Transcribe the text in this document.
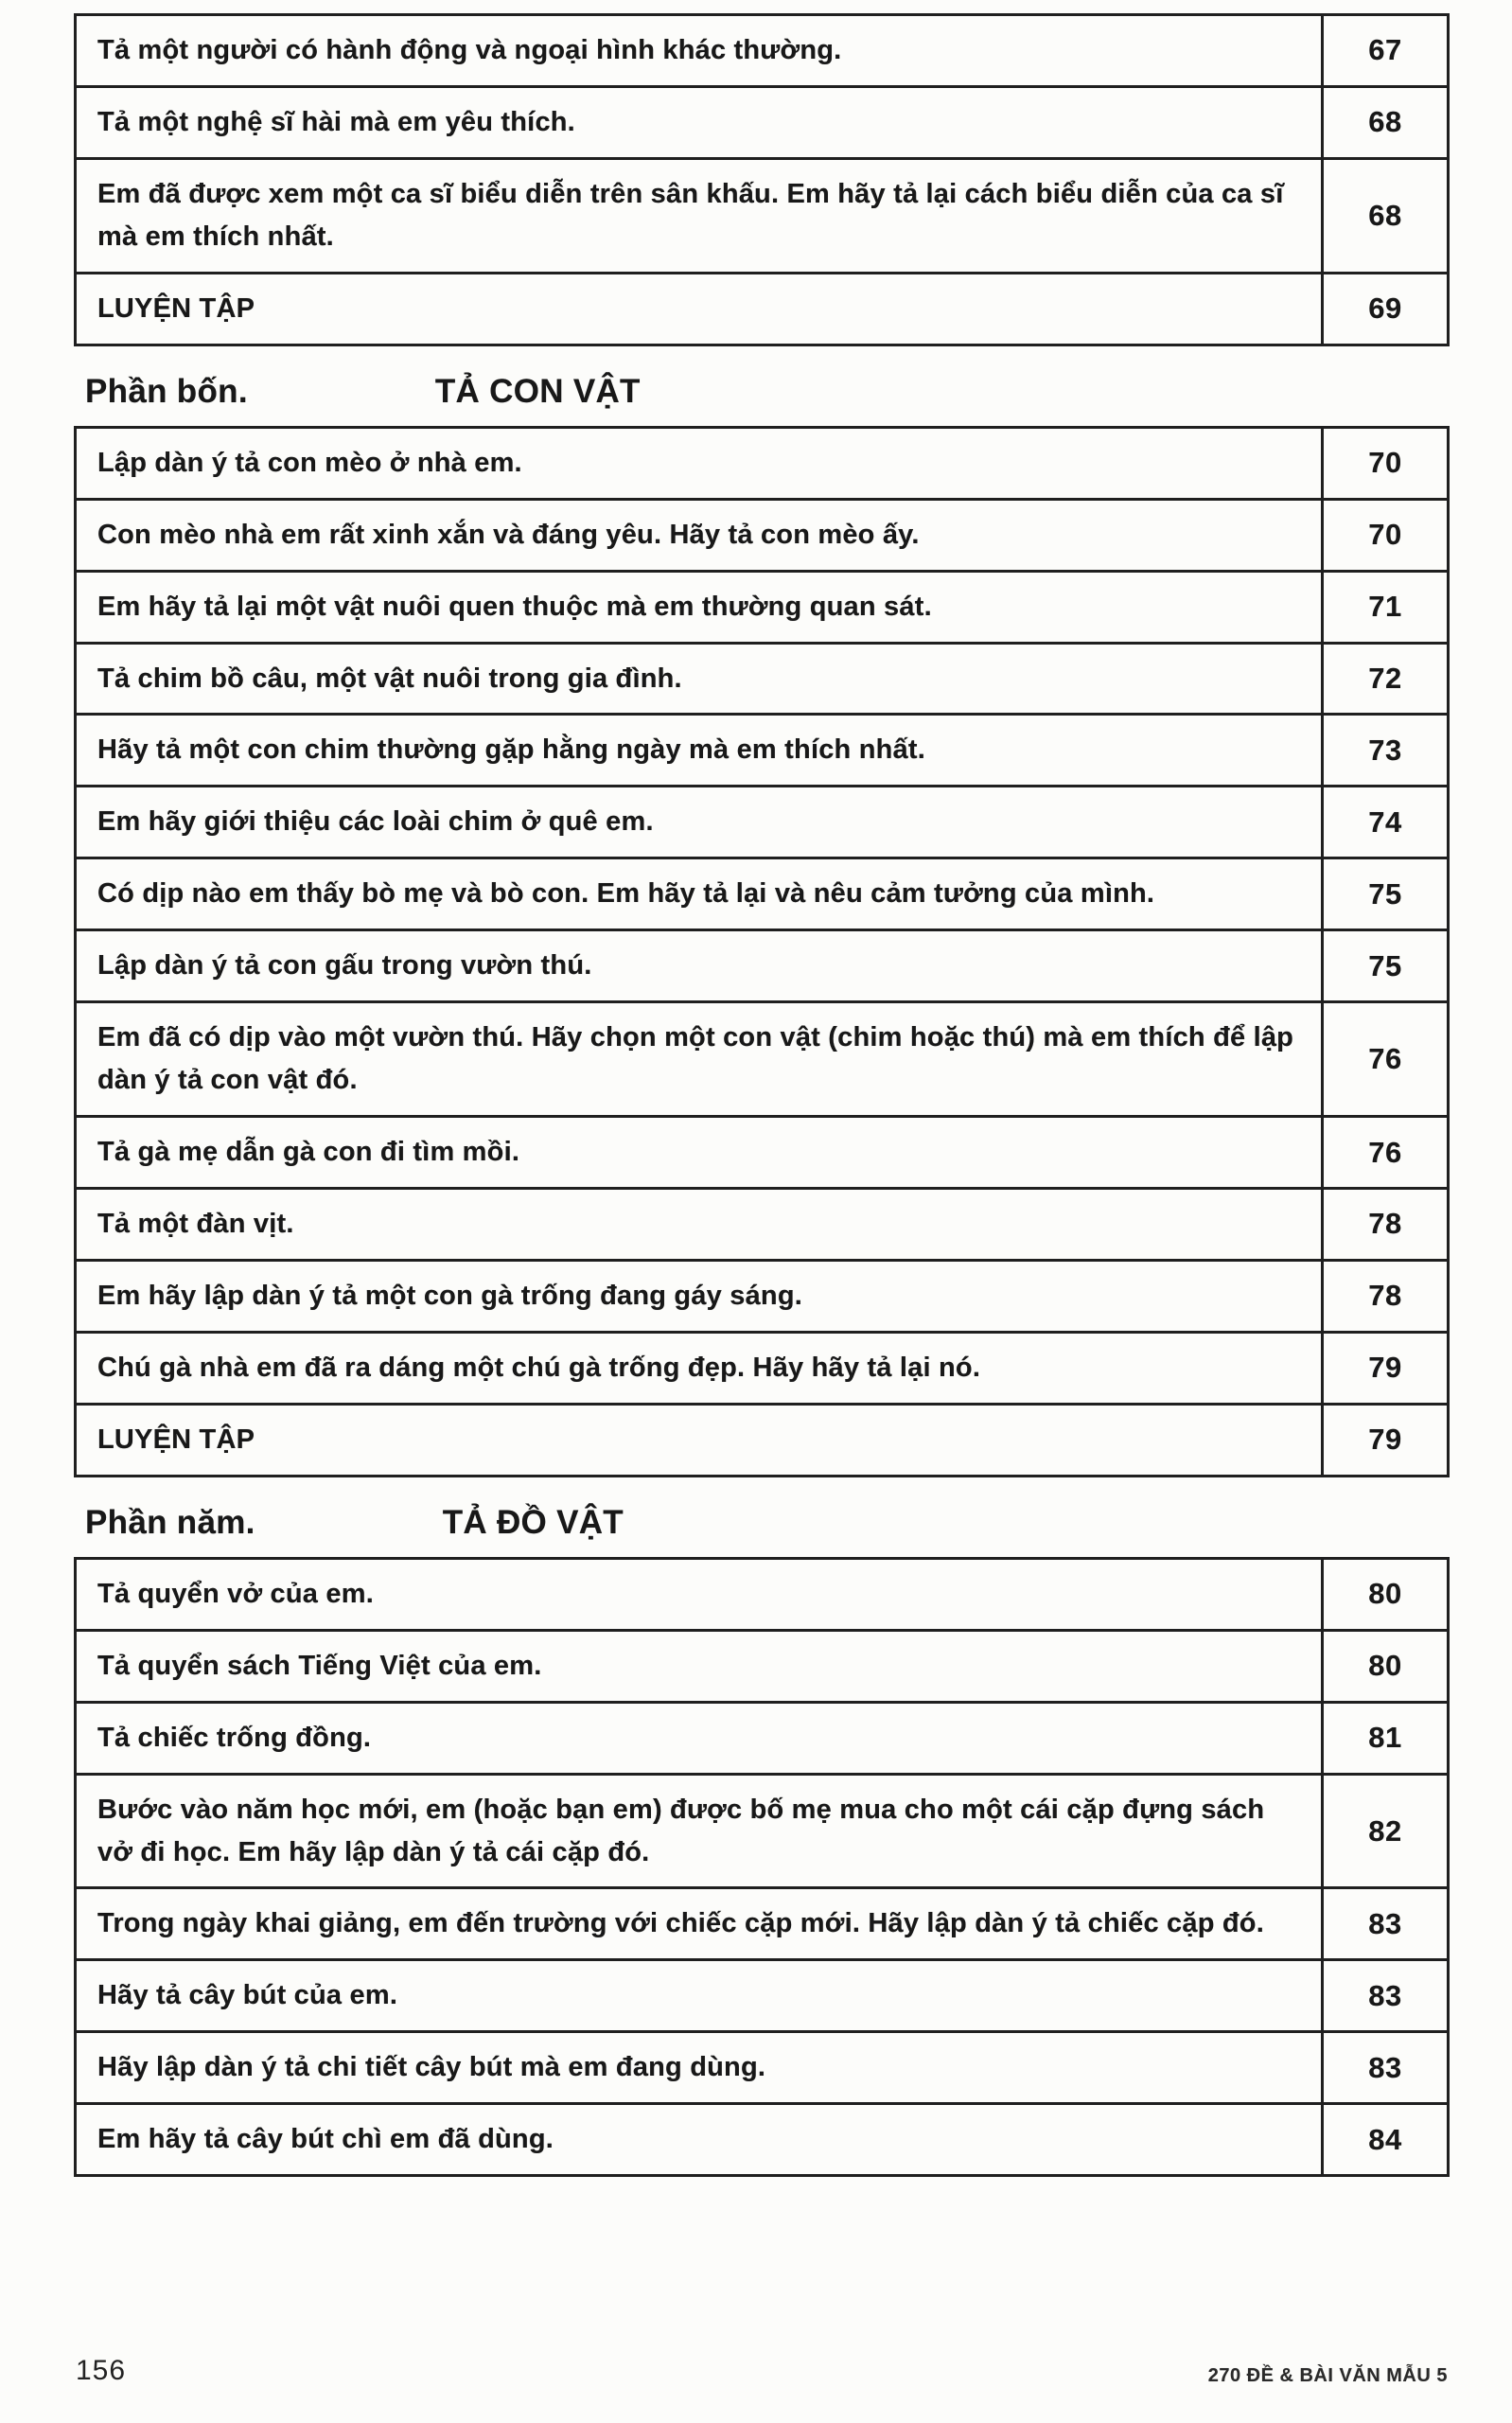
Tả một người có hành động và ngoại hình khác thường.	67
Tả một nghệ sĩ hài mà em yêu thích.	68
Em đã được xem một ca sĩ biểu diễn trên sân khấu. Em hãy tả lại cách biểu diễn của ca sĩ mà em thích nhất.	68
LUYỆN TẬP	69
Phần bốn.	TẢ CON VẬT
Lập dàn ý tả con mèo ở nhà em.	70
Con mèo nhà em rất xinh xắn và đáng yêu. Hãy tả con mèo ấy.	70
Em hãy tả lại một vật nuôi quen thuộc mà em thường quan sát.	71
Tả chim bồ câu, một vật nuôi trong gia đình.	72
Hãy tả một con chim thường gặp hằng ngày mà em thích nhất.	73
Em hãy giới thiệu các loài chim ở quê em.	74
Có dịp nào em thấy bò mẹ và bò con. Em hãy tả lại và nêu cảm tưởng của mình.	75
Lập dàn ý tả con gấu trong vườn thú.	75
Em đã có dịp vào một vườn thú. Hãy chọn một con vật (chim hoặc thú) mà em thích để lập dàn ý tả con vật đó.	76
Tả gà mẹ dẫn gà con đi tìm mồi.	76
Tả một đàn vịt.	78
Em hãy lập dàn ý tả một con gà trống đang gáy sáng.	78
Chú gà nhà em đã ra dáng một chú gà trống đẹp. Hãy hãy tả lại nó.	79
LUYỆN TẬP	79
Phần năm.	TẢ ĐỒ VẬT
Tả quyển vở của em.	80
Tả quyển sách Tiếng Việt của em.	80
Tả chiếc trống đồng.	81
Bước vào năm học mới, em (hoặc bạn em) được bố mẹ mua cho một cái cặp đựng sách vở đi học. Em hãy lập dàn ý tả cái cặp đó.	82
Trong ngày khai giảng, em đến trường với chiếc cặp mới. Hãy lập dàn ý tả chiếc cặp đó.	83
Hãy tả cây bút của em.	83
Hãy lập dàn ý tả chi tiết cây bút mà em đang dùng.	83
Em hãy tả cây bút chì em đã dùng.	84
156	270 ĐỀ & BÀI VĂN MẪU 5
